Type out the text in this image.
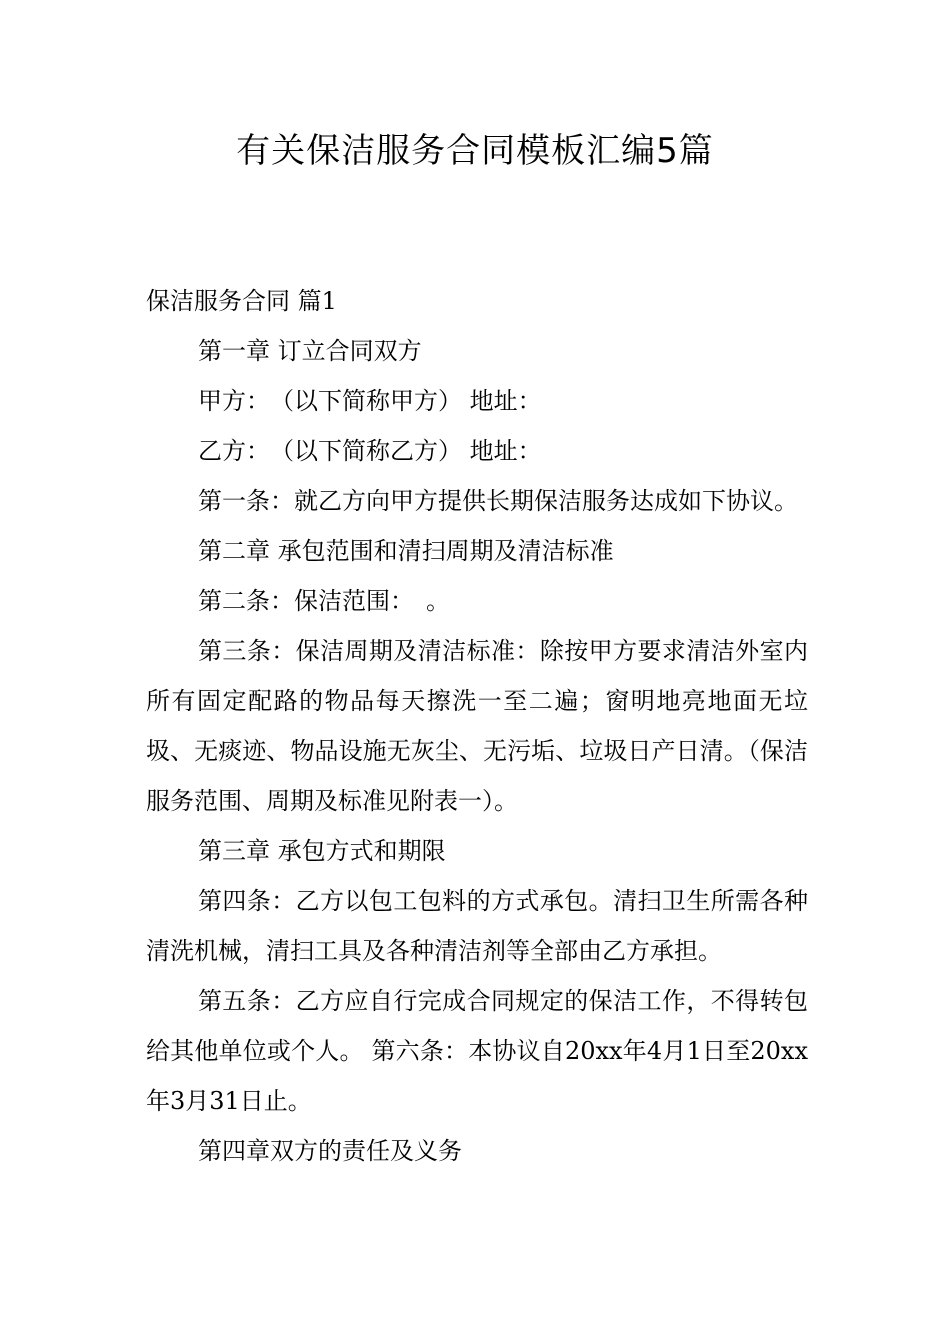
有关保洁服务合同模板汇编5篇

保洁服务合同 篇1

第一章 订立合同双方

甲方：　（以下简称甲方） 地址：

乙方：　（以下简称乙方） 地址：

第一条：就乙方向甲方提供长期保洁服务达成如下协议。

第二章 承包范围和清扫周期及清洁标准

第二条：保洁范围：　。

第三条：保洁周期及清洁标准：除按甲方要求清洁外室内所有固定配路的物品每天擦洗一至二遍；窗明地亮地面无垃圾、无痰迹、物品设施无灰尘、无污垢、垃圾日产日清。（保洁服务范围、周期及标准见附表一）。

第三章 承包方式和期限

第四条：乙方以包工包料的方式承包。清扫卫生所需各种清洗机械，清扫工具及各种清洁剂等全部由乙方承担。

第五条：乙方应自行完成合同规定的保洁工作，不得转包给其他单位或个人。 第六条：本协议自20xx年4月1日至20xx年3月31日止。

第四章双方的责任及义务
